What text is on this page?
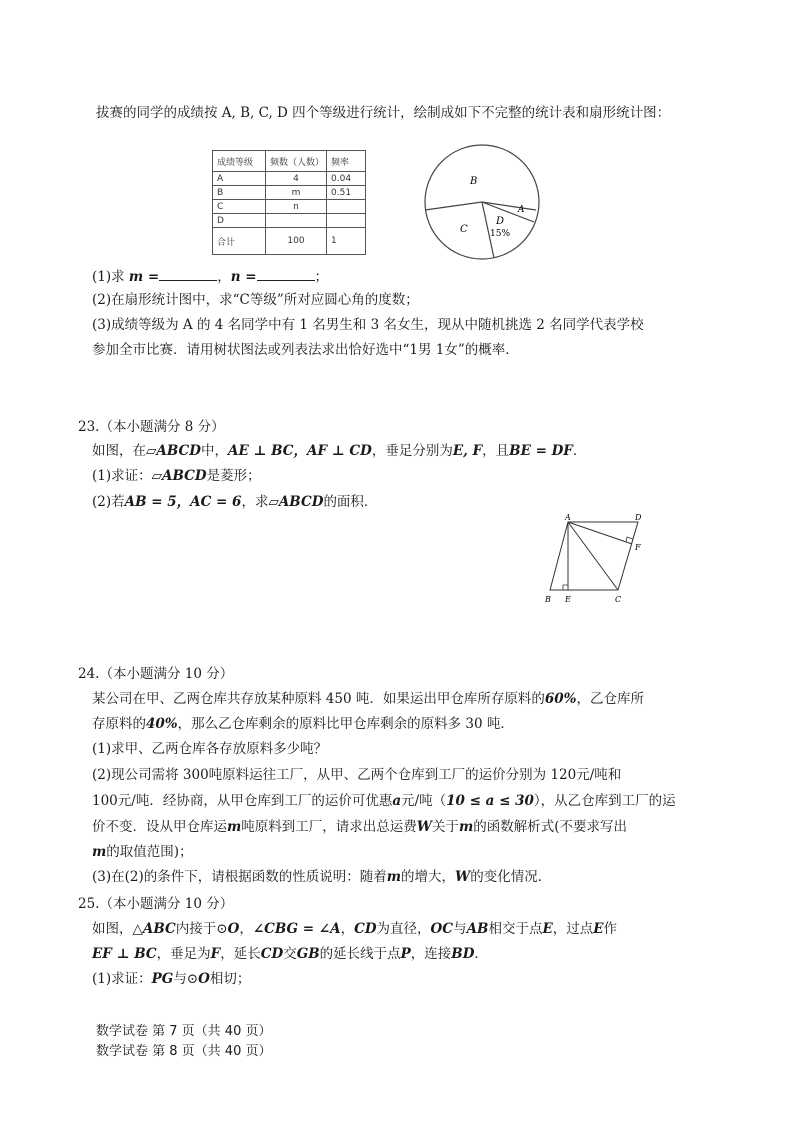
拔赛的同学的成绩按 A, B, C, D 四个等级进行统计，绘制成如下不完整的统计表和扇形统计图：
成绩等级	频数（人数）	频率
A	4	0.04
B	m	0.51
C	n	
D		
合计	100	1
B
C
D
15%
A
(1)求 m =	，n =	；
(2)在扇形统计图中，求“C等级”所对应圆心角的度数；
(3)成绩等级为 A 的 4 名同学中有 1 名男生和 3 名女生，现从中随机挑选 2 名同学代表学校
参加全市比赛．请用树状图法或列表法求出恰好选中“1男 1女”的概率．
23.（本小题满分 8 分）
如图，在▱ABCD中，AE ⊥ BC，AF ⊥ CD，垂足分别为E, F，且BE = DF．
(1)求证：▱ABCD是菱形；
(2)若AB = 5，AC = 6，求▱ABCD的面积．
A	D
F
B E	C
24.（本小题满分 10 分）
某公司在甲、乙两仓库共存放某种原料 450 吨．如果运出甲仓库所存原料的60%，乙仓库所
存原料的40%，那么乙仓库剩余的原料比甲仓库剩余的原料多 30 吨．
(1)求甲、乙两仓库各存放原料多少吨？
(2)现公司需将 300吨原料运往工厂，从甲、乙两个仓库到工厂的运价分别为 120元/吨和
100元/吨．经协商，从甲仓库到工厂的运价可优惠a元/吨（10 ≤ a ≤ 30），从乙仓库到工厂的运
价不变．设从甲仓库运m吨原料到工厂，请求出总运费W关于m的函数解析式(不要求写出
m的取值范围)；
(3)在(2)的条件下，请根据函数的性质说明：随着m的增大，W的变化情况．
25.（本小题满分 10 分）
如图，△ABC内接于⊙O，∠CBG = ∠A，CD为直径，OC与AB相交于点E，过点E作
EF ⊥ BC，垂足为F，延长CD交GB的延长线于点P，连接BD．
(1)求证：PG与⊙O相切；
数学试卷 第 7 页（共 40 页）
数学试卷 第 8 页（共 40 页）
